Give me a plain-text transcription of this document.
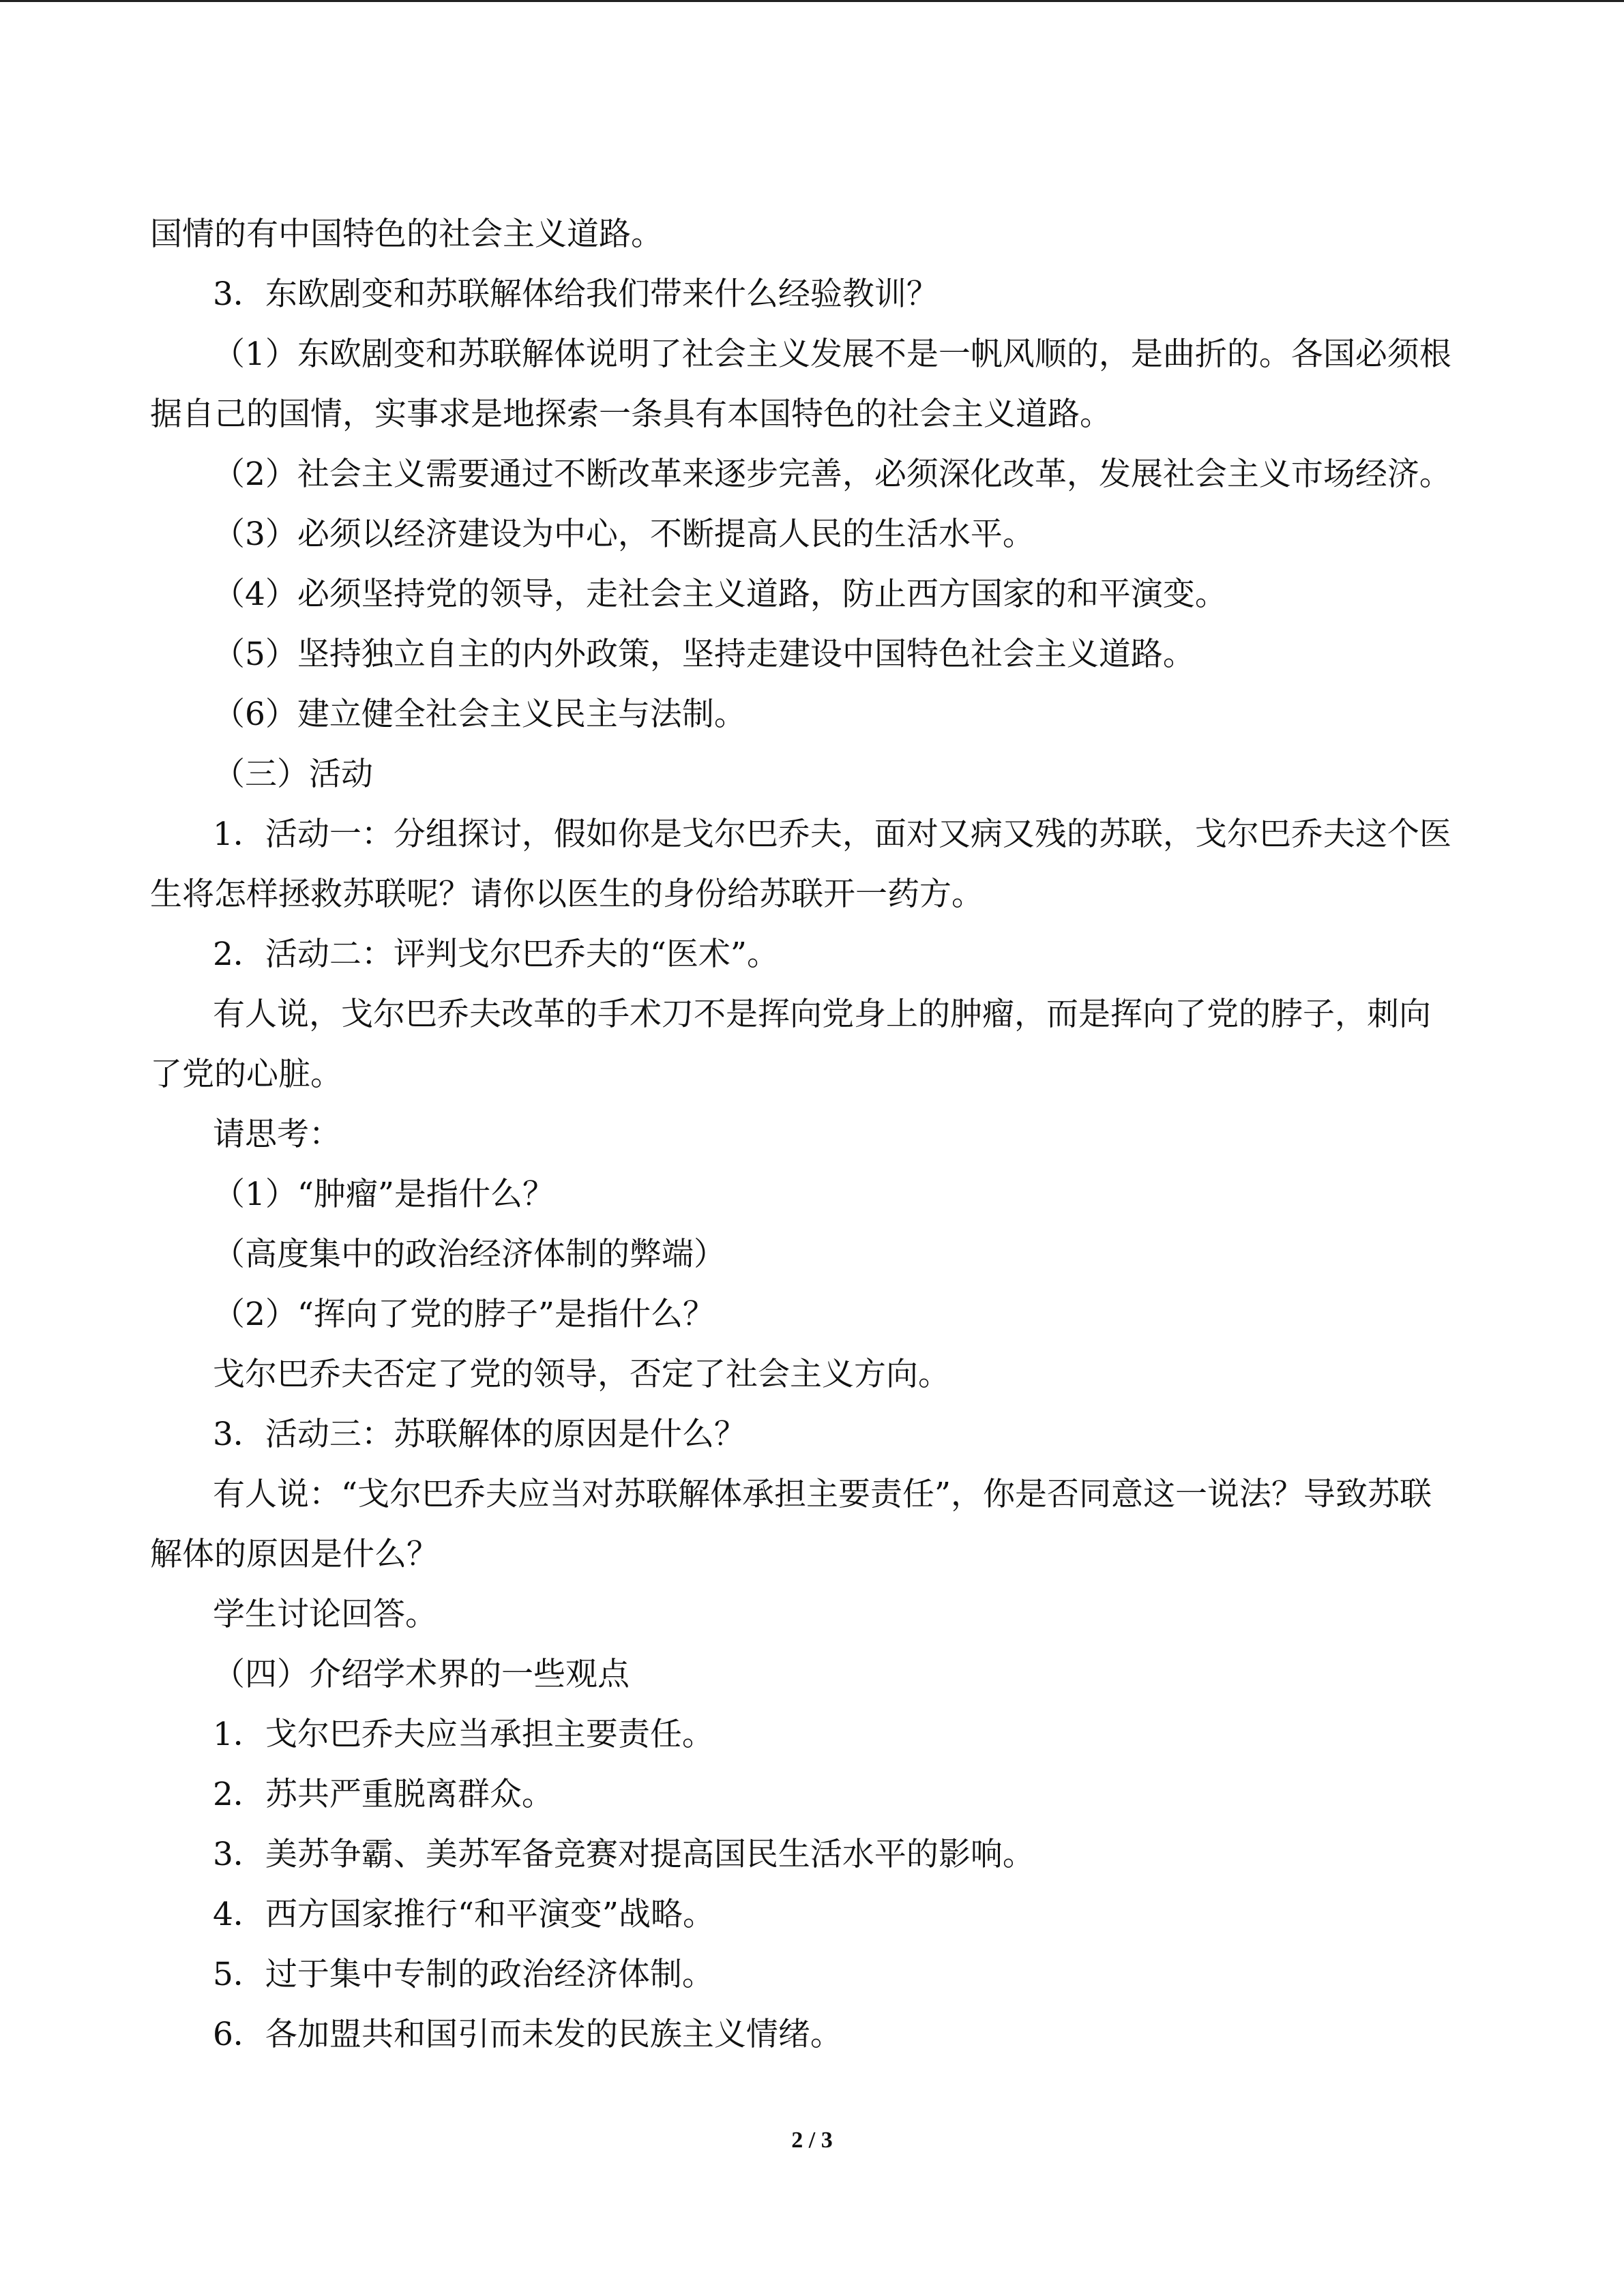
国情的有中国特色的社会主义道路。
3．东欧剧变和苏联解体给我们带来什么经验教训？
（1）东欧剧变和苏联解体说明了社会主义发展不是一帆风顺的，是曲折的。各国必须根
据自己的国情，实事求是地探索一条具有本国特色的社会主义道路。
（2）社会主义需要通过不断改革来逐步完善，必须深化改革，发展社会主义市场经济。
（3）必须以经济建设为中心，不断提高人民的生活水平。
（4）必须坚持党的领导，走社会主义道路，防止西方国家的和平演变。
（5）坚持独立自主的内外政策，坚持走建设中国特色社会主义道路。
（6）建立健全社会主义民主与法制。
（三）活动
1．活动一：分组探讨，假如你是戈尔巴乔夫，面对又病又残的苏联，戈尔巴乔夫这个医
生将怎样拯救苏联呢？请你以医生的身份给苏联开一药方。
2．活动二：评判戈尔巴乔夫的“医术”。
有人说，戈尔巴乔夫改革的手术刀不是挥向党身上的肿瘤，而是挥向了党的脖子，刺向
了党的心脏。
请思考：
（1）“肿瘤”是指什么？
（高度集中的政治经济体制的弊端）
（2）“挥向了党的脖子”是指什么？
戈尔巴乔夫否定了党的领导，否定了社会主义方向。
3．活动三：苏联解体的原因是什么？
有人说：“戈尔巴乔夫应当对苏联解体承担主要责任”，你是否同意这一说法？导致苏联
解体的原因是什么？
学生讨论回答。
（四）介绍学术界的一些观点
1．戈尔巴乔夫应当承担主要责任。
2．苏共严重脱离群众。
3．美苏争霸、美苏军备竞赛对提高国民生活水平的影响。
4．西方国家推行“和平演变”战略。
5．过于集中专制的政治经济体制。
6．各加盟共和国引而未发的民族主义情绪。
2 / 3
